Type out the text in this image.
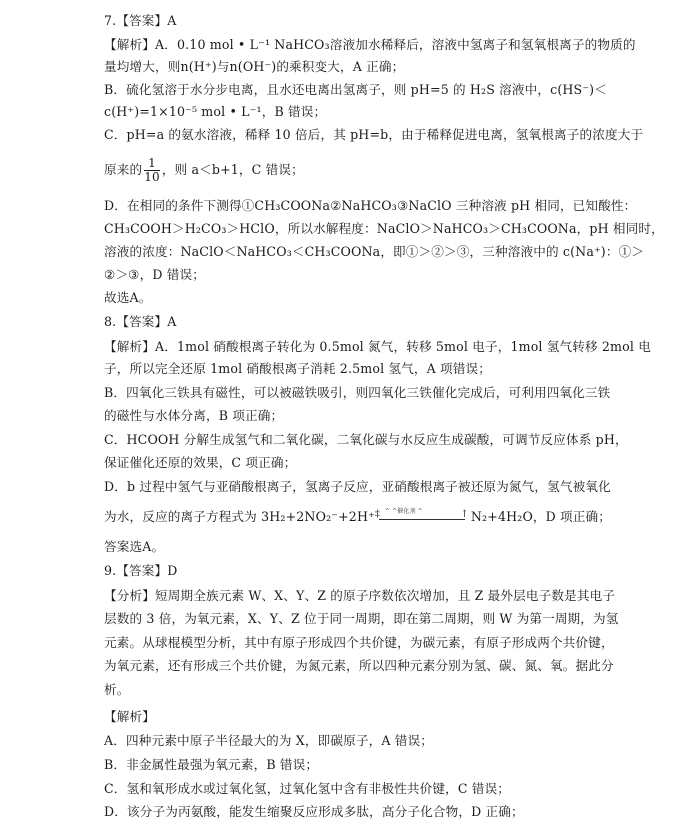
7.【答案】A
【解析】A．0.10 mol • L⁻¹ NaHCO₃溶液加水稀释后，溶液中氢离子和氢氧根离子的物质的
量均增大，则n(H⁺)与n(OH⁻)的乘积变大，A 正确；
B．硫化氢溶于水分步电离，且水还电离出氢离子，则 pH=5 的 H₂S 溶液中，c(HS⁻)＜
c(H⁺)=1×10⁻⁵ mol • L⁻¹，B 错误；
C．pH=a 的氨水溶液，稀释 10 倍后，其 pH=b，由于稀释促进电离，氢氧根离子的浓度大于
原来的 $\frac{1}{10}$ ，则 a＜b+1，C 错误；
D．在相同的条件下测得①CH₃COONa②NaHCO₃③NaClO 三种溶液 pH 相同，已知酸性：
CH₃COOH＞H₂CO₃＞HClO，所以水解程度：NaClO＞NaHCO₃＞CH₃COONa，pH 相同时，
溶液的浓度：NaClO＜NaHCO₃＜CH₃COONa，即①＞②＞③，三种溶液中的 c(Na⁺)：①＞
②＞③，D 错误；
故选A。
8.【答案】A
【解析】A．1mol 硝酸根离子转化为 0.5mol 氮气，转移 5mol 电子，1mol 氢气转移 2mol 电
子，所以完全还原 1mol 硝酸根离子消耗 2.5mol 氢气，A 项错误；
B．四氧化三铁具有磁性，可以被磁铁吸引，则四氧化三铁催化完成后，可利用四氧化三铁
的磁性与水体分离，B 项正确；
C．HCOOH 分解生成氢气和二氧化碳，二氧化碳与水反应生成碳酸，可调节反应体系 pH，
保证催化还原的效果，C 项正确；
D．b 过程中氢气与亚硝酸根离子，氢离子反应，亚硝酸根离子被还原为氮气，氢气被氧化
为水，反应的离子方程式为 3H₂+2NO₂⁻+2H⁺ ‡ ^ ^催化剂 ^	↑ N₂+4H₂O，D 项正确；
答案选A。
9.【答案】D
【分析】短周期全族元素 W、X、Y、Z 的原子序数依次增加，且 Z 最外层电子数是其电子
层数的 3 倍，为氧元素，X、Y、Z 位于同一周期，即在第二周期，则 W 为第一周期，为氢
元素。从球棍模型分析，其中有原子形成四个共价键，为碳元素，有原子形成两个共价键，
为氧元素，还有形成三个共价键，为氮元素，所以四种元素分别为氢、碳、氮、氧。据此分
析。
【解析】
A．四种元素中原子半径最大的为 X，即碳原子，A 错误；
B．非金属性最强为氧元素，B 错误；
C．氢和氧形成水或过氧化氢，过氧化氢中含有非极性共价键，C 错误；
D．该分子为丙氨酸，能发生缩聚反应形成多肽，高分子化合物，D 正确；
